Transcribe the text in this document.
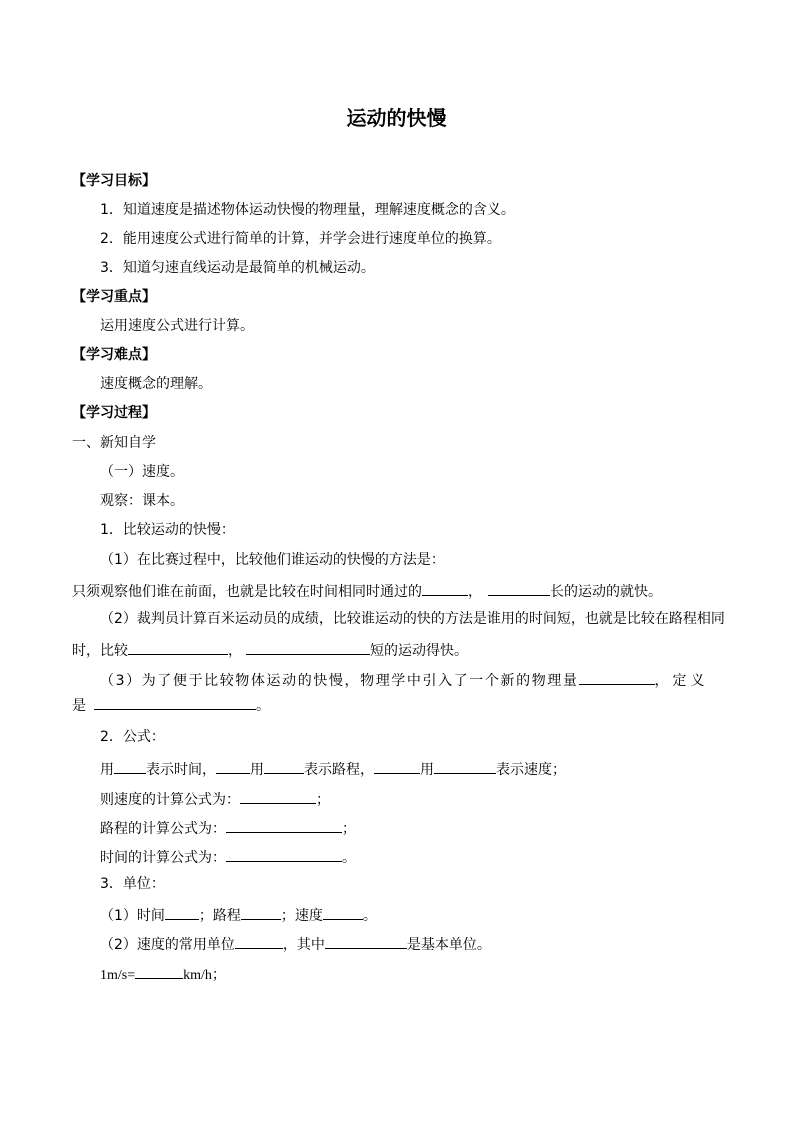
运动的快慢
【学习目标】
1．知道速度是描述物体运动快慢的物理量，理解速度概念的含义。
2．能用速度公式进行简单的计算，并学会进行速度单位的换算。
3．知道匀速直线运动是最简单的机械运动。
【学习重点】
运用速度公式进行计算。
【学习难点】
速度概念的理解。
【学习过程】
一、新知自学
（一）速度。
观察：课本。
1．比较运动的快慢：
（1）在比赛过程中，比较他们谁运动的快慢的方法是：
只须观察他们谁在前面，也就是比较在时间相同时通过的	，	长的运动的就快。
（2）裁判员计算百米运动员的成绩，比较谁运动的快的方法是谁用的时间短，也就是比较在路程相同
时，比较	，	短的运动得快。
（3）为了便于比较物体运动的快慢，物理学中引入了一个新的物理量	，定义
是	。
2．公式：
用 表示时间， 用	表示路程，	用	表示速度；
则速度的计算公式为：	；
路程的计算公式为：	；
时间的计算公式为：	。
3．单位：
（1）时间 ；路程	；速度	。
（2）速度的常用单位	，其中	是基本单位。
1m/s=	km/h；
